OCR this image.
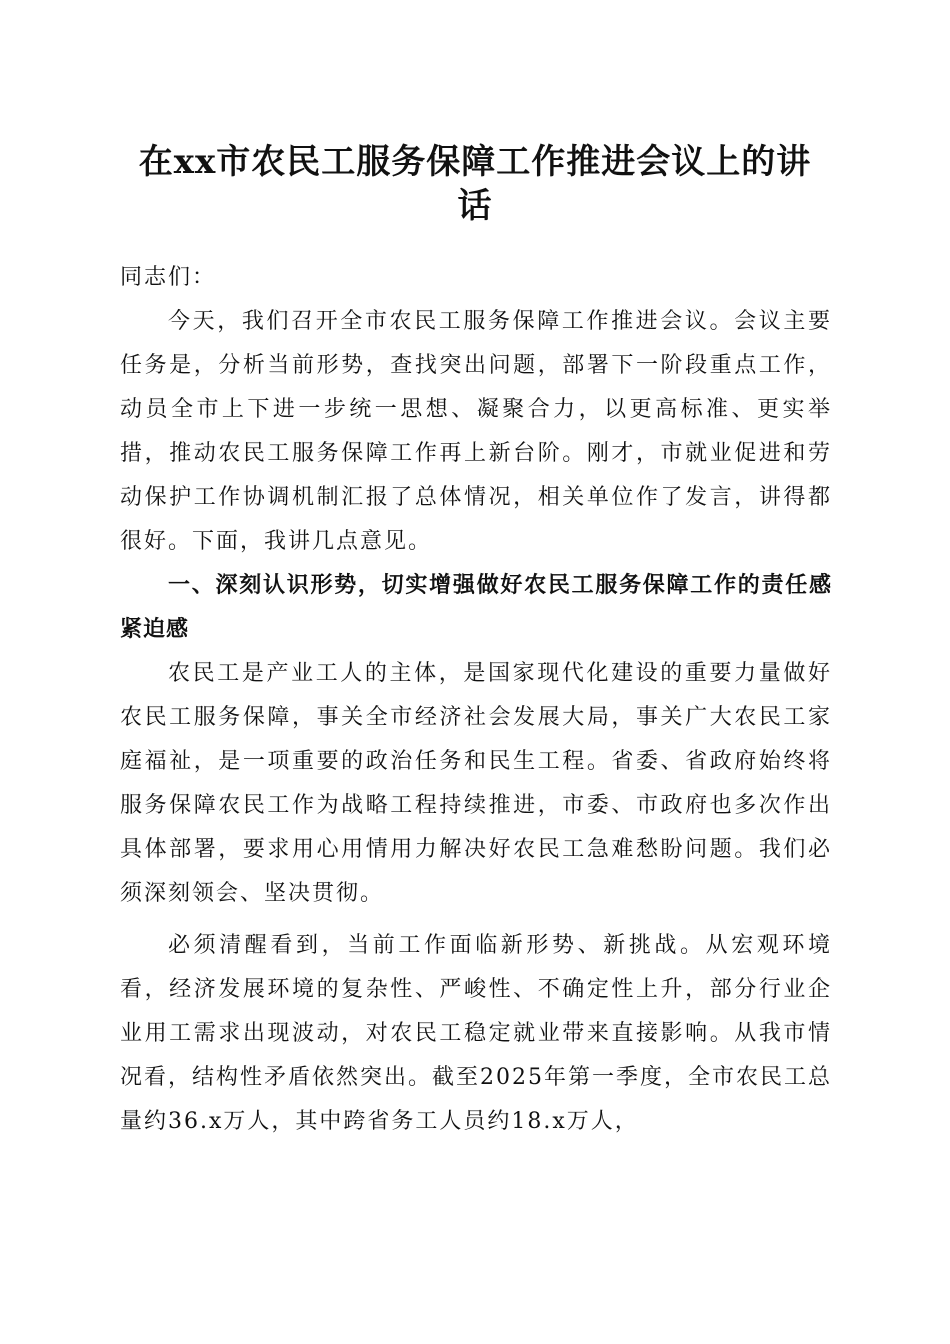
在xx市农民工服务保障工作推进会议上的讲
话

同志们：

今天，我们召开全市农民工服务保障工作推进会议。会议主要任务是，分析当前形势，查找突出问题，部署下一阶段重点工作，动员全市上下进一步统一思想、凝聚合力，以更高标准、更实举措，推动农民工服务保障工作再上新台阶。刚才，市就业促进和劳动保护工作协调机制汇报了总体情况，相关单位作了发言，讲得都很好。下面，我讲几点意见。

一、深刻认识形势，切实增强做好农民工服务保障工作的责任感紧迫感

农民工是产业工人的主体，是国家现代化建设的重要力量做好农民工服务保障，事关全市经济社会发展大局，事关广大农民工家庭福祉，是一项重要的政治任务和民生工程。省委、省政府始终将服务保障农民工作为战略工程持续推进，市委、市政府也多次作出具体部署，要求用心用情用力解决好农民工急难愁盼问题。我们必须深刻领会、坚决贯彻。

必须清醒看到，当前工作面临新形势、新挑战。从宏观环境看，经济发展环境的复杂性、严峻性、不确定性上升，部分行业企业用工需求出现波动，对农民工稳定就业带来直接影响。从我市情况看，结构性矛盾依然突出。截至2025年第一季度，全市农民工总量约36.x万人，其中跨省务工人员约18.x万人，
